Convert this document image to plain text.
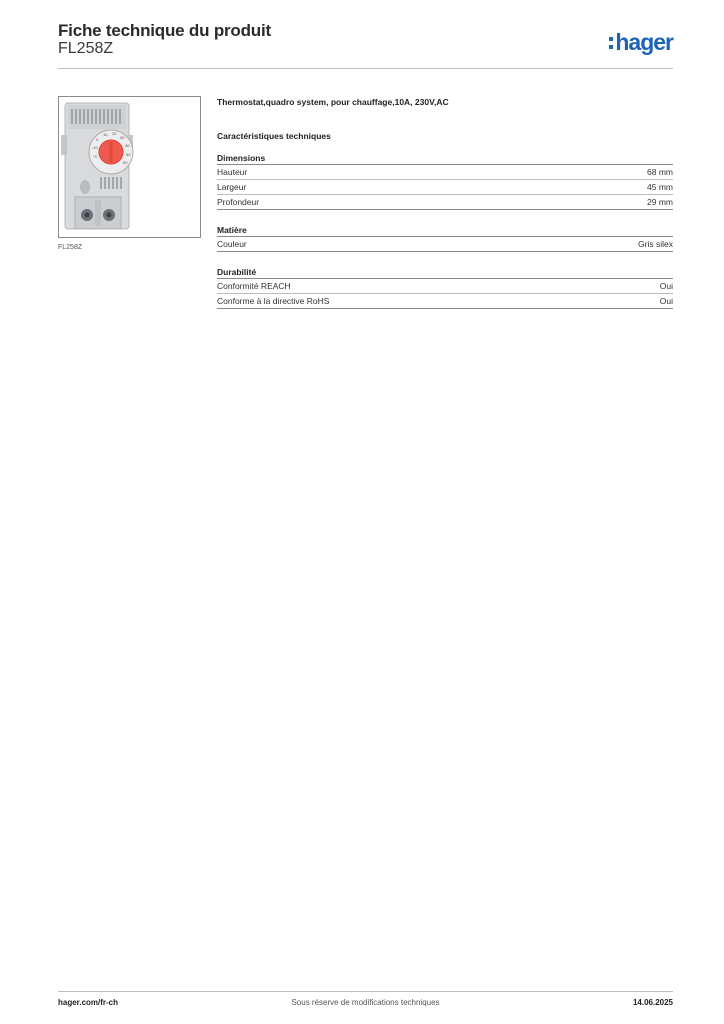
Fiche technique du produit
FL258Z	hager
10 20
30
40
50
60
0
-10
°C
FL258Z
Thermostat,quadro system, pour chauffage,10A, 230V,AC
Caractéristiques techniques
Dimensions
Hauteur	68 mm
Largeur	45 mm
Profondeur	29 mm
Matière
Couleur	Gris silex
Durabilité
Conformité REACH	Oui
Conforme à la directive RoHS	Oui
hager.com/fr-ch	Sous réserve de modifications techniques	14.06.2025
